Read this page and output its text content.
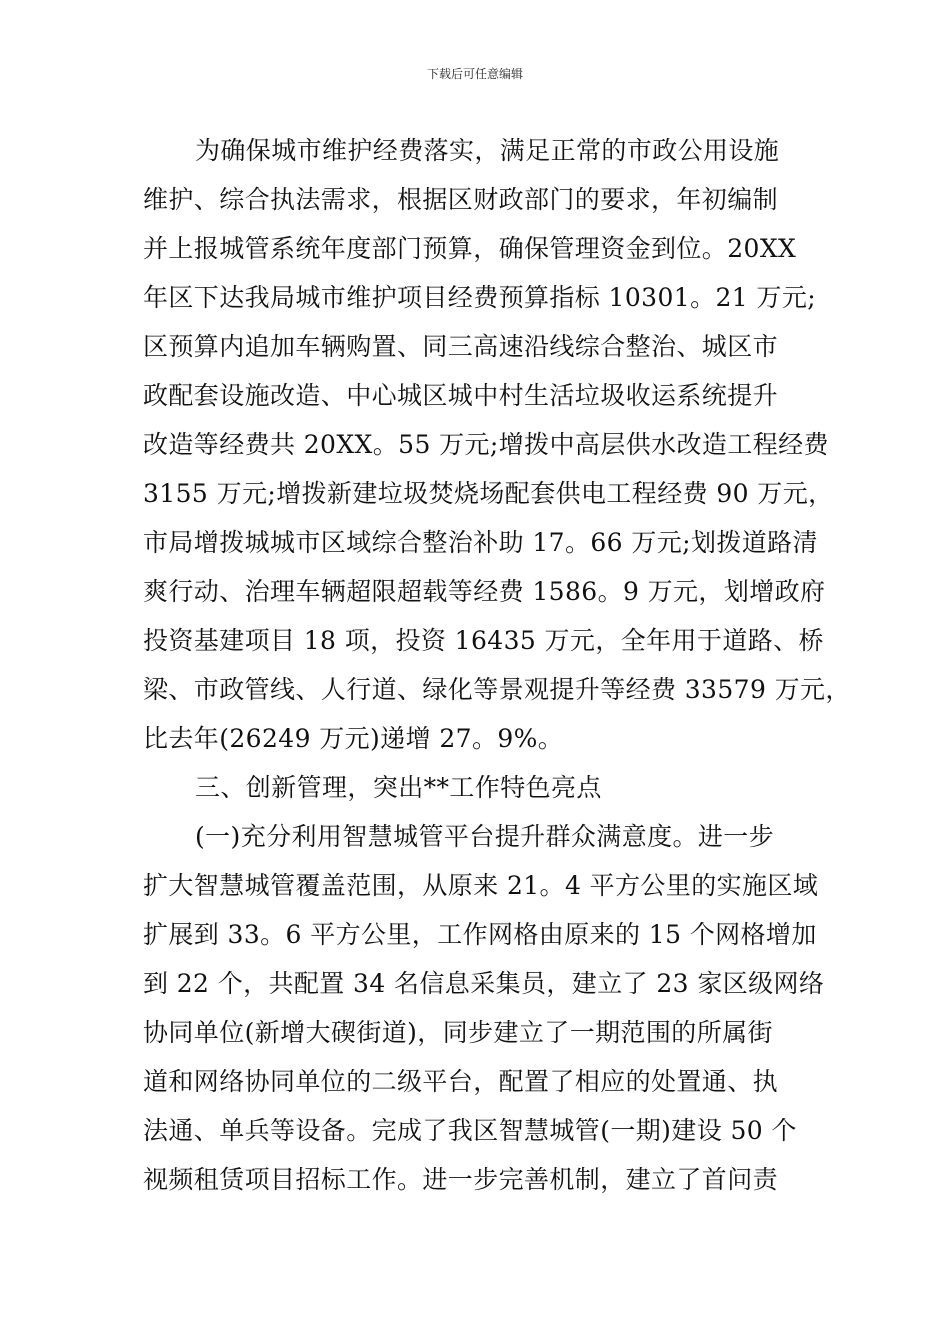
下载后可任意编辑
为确保城市维护经费落实，满足正常的市政公用设施
维护、综合执法需求，根据区财政部门的要求，年初编制
并上报城管系统年度部门预算，确保管理资金到位。20XX
年区下达我局城市维护项目经费预算指标 10301。21 万元;
区预算内追加车辆购置、同三高速沿线综合整治、城区市
政配套设施改造、中心城区城中村生活垃圾收运系统提升
改造等经费共 20XX。55 万元;增拨中高层供水改造工程经费
3155 万元;增拨新建垃圾焚烧场配套供电工程经费 90 万元，
市局增拨城城市区域综合整治补助 17。66 万元;划拨道路清
爽行动、治理车辆超限超载等经费 1586。9 万元，划增政府
投资基建项目 18 项，投资 16435 万元，全年用于道路、桥
梁、市政管线、人行道、绿化等景观提升等经费 33579 万元，
比去年(26249 万元)递增 27。9%。
三、创新管理，突出**工作特色亮点
(一)充分利用智慧城管平台提升群众满意度。进一步
扩大智慧城管覆盖范围，从原来 21。4 平方公里的实施区域
扩展到 33。6 平方公里，工作网格由原来的 15 个网格增加
到 22 个，共配置 34 名信息采集员，建立了 23 家区级网络
协同单位(新增大碶街道)，同步建立了一期范围的所属街
道和网络协同单位的二级平台，配置了相应的处置通、执
法通、单兵等设备。完成了我区智慧城管(一期)建设 50 个
视频租赁项目招标工作。进一步完善机制，建立了首问责
